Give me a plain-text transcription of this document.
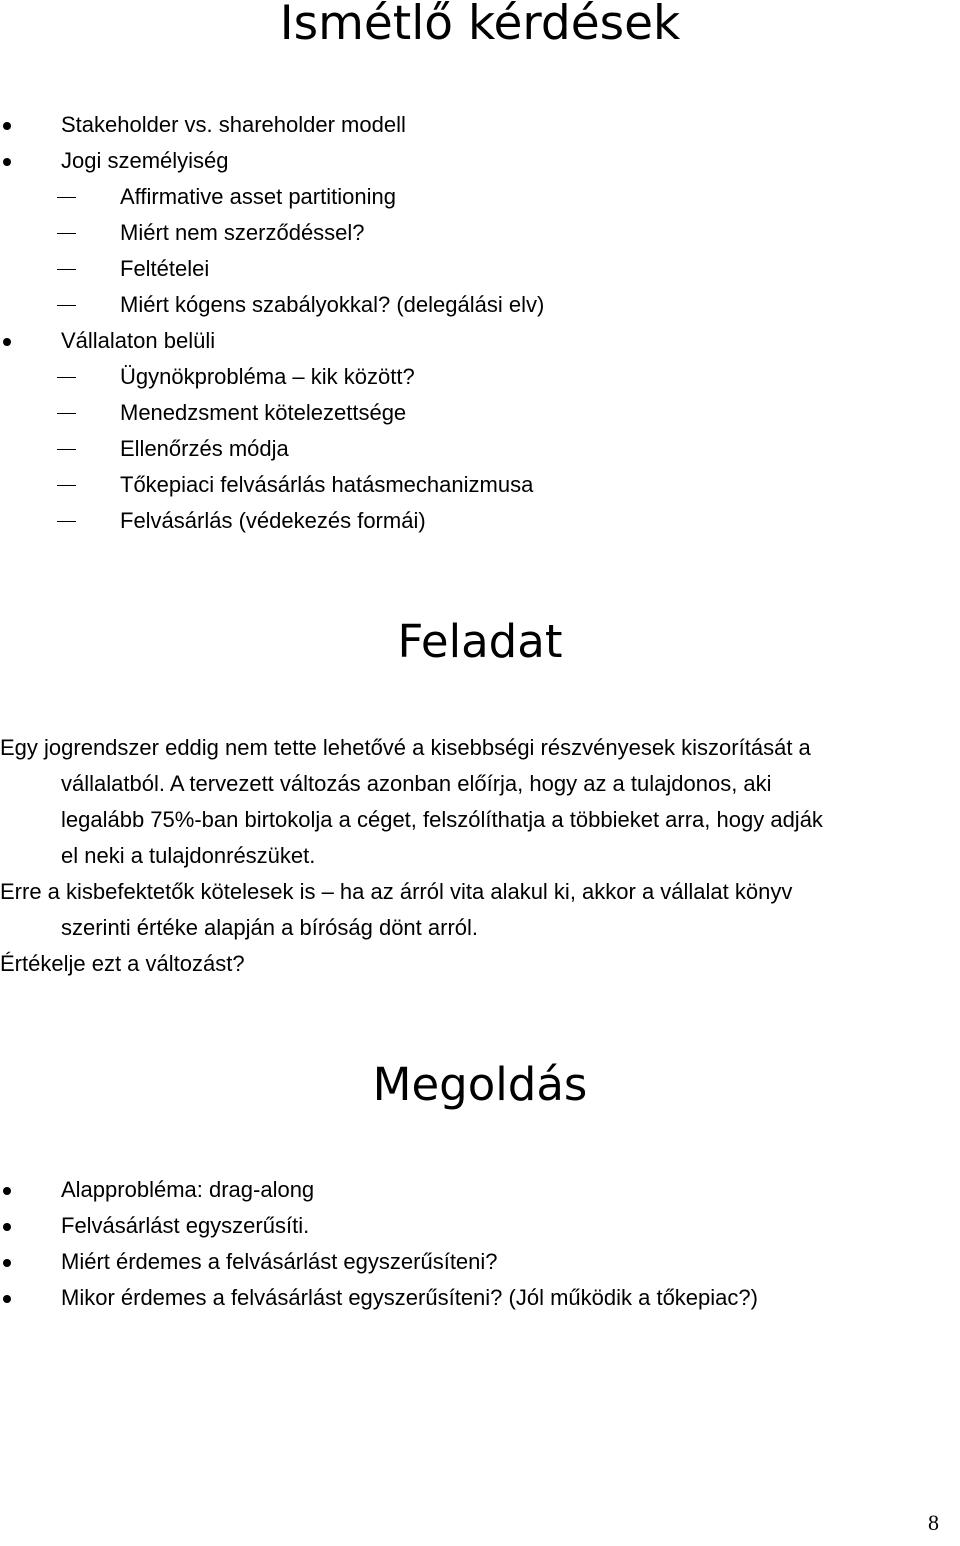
Ismétlő kérdések
Stakeholder vs. shareholder modell
Jogi személyiség
Affirmative asset partitioning
Miért nem szerződéssel?
Feltételei
Miért kógens szabályokkal? (delegálási elv)
Vállalaton belüli
Ügynökprobléma – kik között?
Menedzsment kötelezettsége
Ellenőrzés módja
Tőkepiaci felvásárlás hatásmechanizmusa
Felvásárlás (védekezés formái)
Feladat

Egy jogrendszer eddig nem tette lehetővé a kisebbségi részvényesek kiszorítását a

vállalatból. A tervezett változás azonban előírja, hogy az a tulajdonos, aki

legalább 75%-ban birtokolja a céget, felszólíthatja a többieket arra, hogy adják

el neki a tulajdonrészüket.

Erre a kisbefektetők kötelesek is – ha az árról vita alakul ki, akkor a vállalat könyv

szerinti értéke alapján a bíróság dönt arról.

Értékelje ezt a változást?

Megoldás
Alapprobléma: drag-along
Felvásárlást egyszerűsíti.
Miért érdemes a felvásárlást egyszerűsíteni?
Mikor érdemes a felvásárlást egyszerűsíteni? (Jól működik a tőkepiac?)
8
